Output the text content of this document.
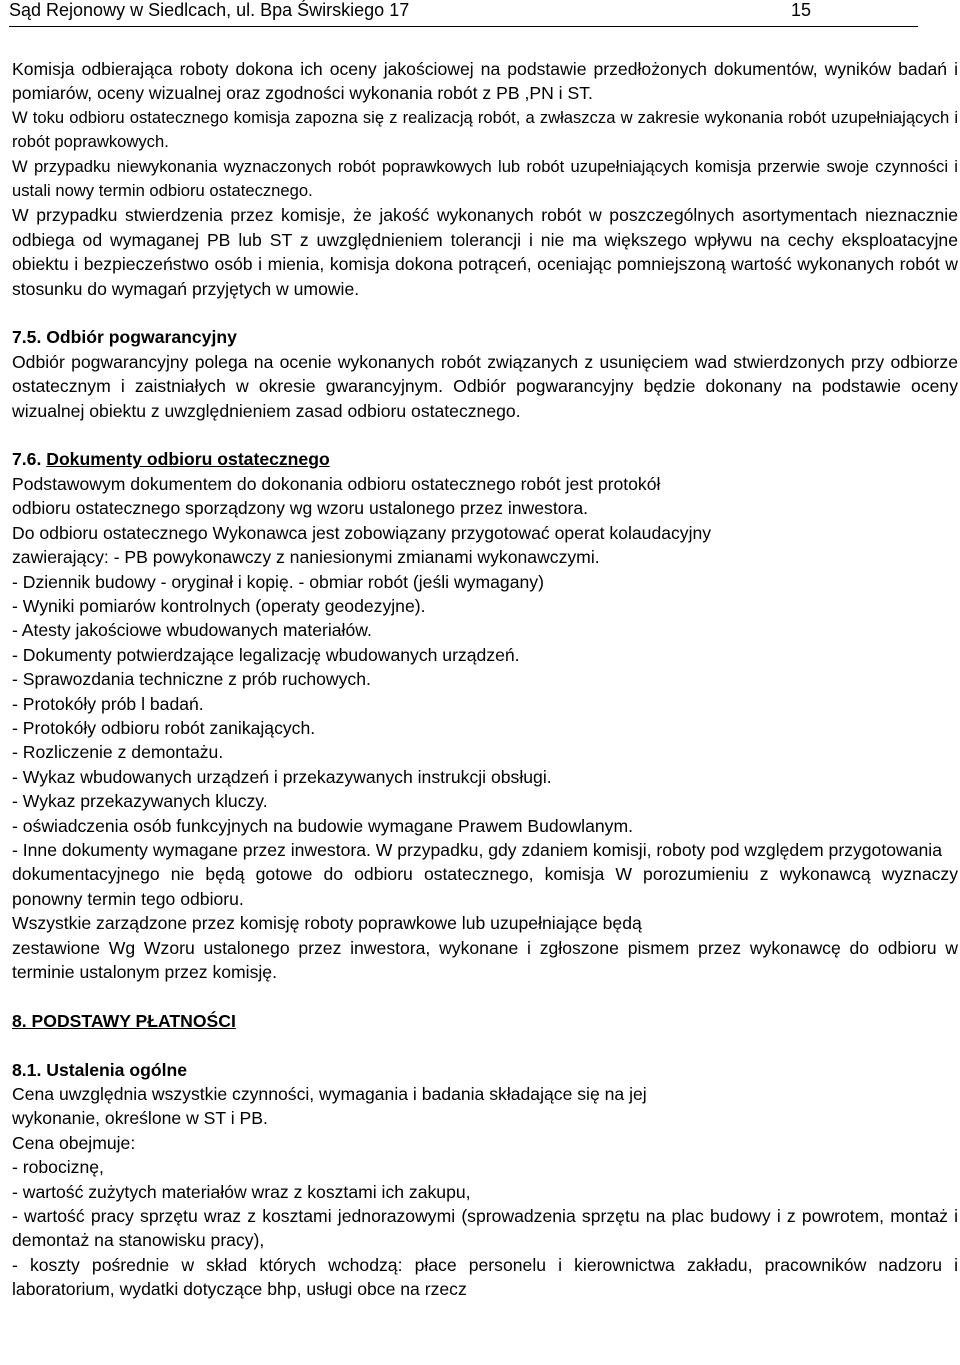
Sąd Rejonowy w Siedlcach, ul. Bpa Świrskiego 17	15

Komisja odbierająca roboty dokona ich oceny jakościowej na podstawie przedłożonych dokumentów, wyników badań i pomiarów, oceny wizualnej oraz zgodności wykonania robót z PB ,PN i ST.

W toku odbioru ostatecznego komisja zapozna się z realizacją robót, a zwłaszcza w zakresie wykonania robót uzupełniających i robót poprawkowych.

W przypadku niewykonania wyznaczonych robót poprawkowych lub robót uzupełniających komisja przerwie swoje czynności i ustali nowy termin odbioru ostatecznego.

W przypadku stwierdzenia przez komisje, że jakość wykonanych robót w poszczególnych asortymentach nieznacznie odbiega od wymaganej PB lub ST z uwzględnieniem tolerancji i nie ma większego wpływu na cechy eksploatacyjne obiektu i bezpieczeństwo osób i mienia, komisja dokona potrąceń, oceniając pomniejszoną wartość wykonanych robót w stosunku do wymagań przyjętych w umowie.

7.5. Odbiór pogwarancyjny

Odbiór pogwarancyjny polega na ocenie wykonanych robót związanych z usunięciem wad stwierdzonych przy odbiorze ostatecznym i zaistniałych w okresie gwarancyjnym. Odbiór pogwarancyjny będzie dokonany na podstawie oceny wizualnej obiektu z uwzględnieniem zasad odbioru ostatecznego.

7.6. Dokumenty odbioru ostatecznego

Podstawowym dokumentem do dokonania odbioru ostatecznego robót jest protokół

odbioru ostatecznego sporządzony wg wzoru ustalonego przez inwestora.

Do odbioru ostatecznego Wykonawca jest zobowiązany przygotować operat kolaudacyjny

zawierający: - PB powykonawczy z naniesionymi zmianami wykonawczymi.

- Dziennik budowy - oryginał i kopię. - obmiar robót (jeśli wymagany)

- Wyniki pomiarów kontrolnych (operaty geodezyjne).

- Atesty jakościowe wbudowanych materiałów.

- Dokumenty potwierdzające legalizację wbudowanych urządzeń.

- Sprawozdania techniczne z prób ruchowych.

- Protokóły prób l badań.

- Protokóły odbioru robót zanikających.

- Rozliczenie z demontażu.

- Wykaz wbudowanych urządzeń i przekazywanych instrukcji obsługi.

- Wykaz przekazywanych kluczy.

- oświadczenia osób funkcyjnych na budowie wymagane Prawem Budowlanym.

- Inne dokumenty wymagane przez inwestora. W przypadku, gdy zdaniem komisji, roboty pod względem przygotowania

dokumentacyjnego nie będą gotowe do odbioru ostatecznego, komisja W porozumieniu z wykonawcą wyznaczy ponowny termin tego odbioru.

Wszystkie zarządzone przez komisję roboty poprawkowe lub uzupełniające będą

zestawione Wg Wzoru ustalonego przez inwestora, wykonane i zgłoszone pismem przez wykonawcę do odbioru w terminie ustalonym przez komisję.

8. PODSTAWY PŁATNOŚCI

8.1. Ustalenia ogólne

Cena uwzględnia wszystkie czynności, wymagania i badania składające się na jej

wykonanie, określone w ST i PB.

Cena obejmuje:

- robociznę,

- wartość zużytych materiałów wraz z kosztami ich zakupu,

- wartość pracy sprzętu wraz z kosztami jednorazowymi (sprowadzenia sprzętu na plac budowy i z powrotem, montaż i demontaż na stanowisku pracy),

- koszty pośrednie w skład których wchodzą: płace personelu i kierownictwa zakładu, pracowników nadzoru i laboratorium, wydatki dotyczące bhp, usługi obce na rzecz
